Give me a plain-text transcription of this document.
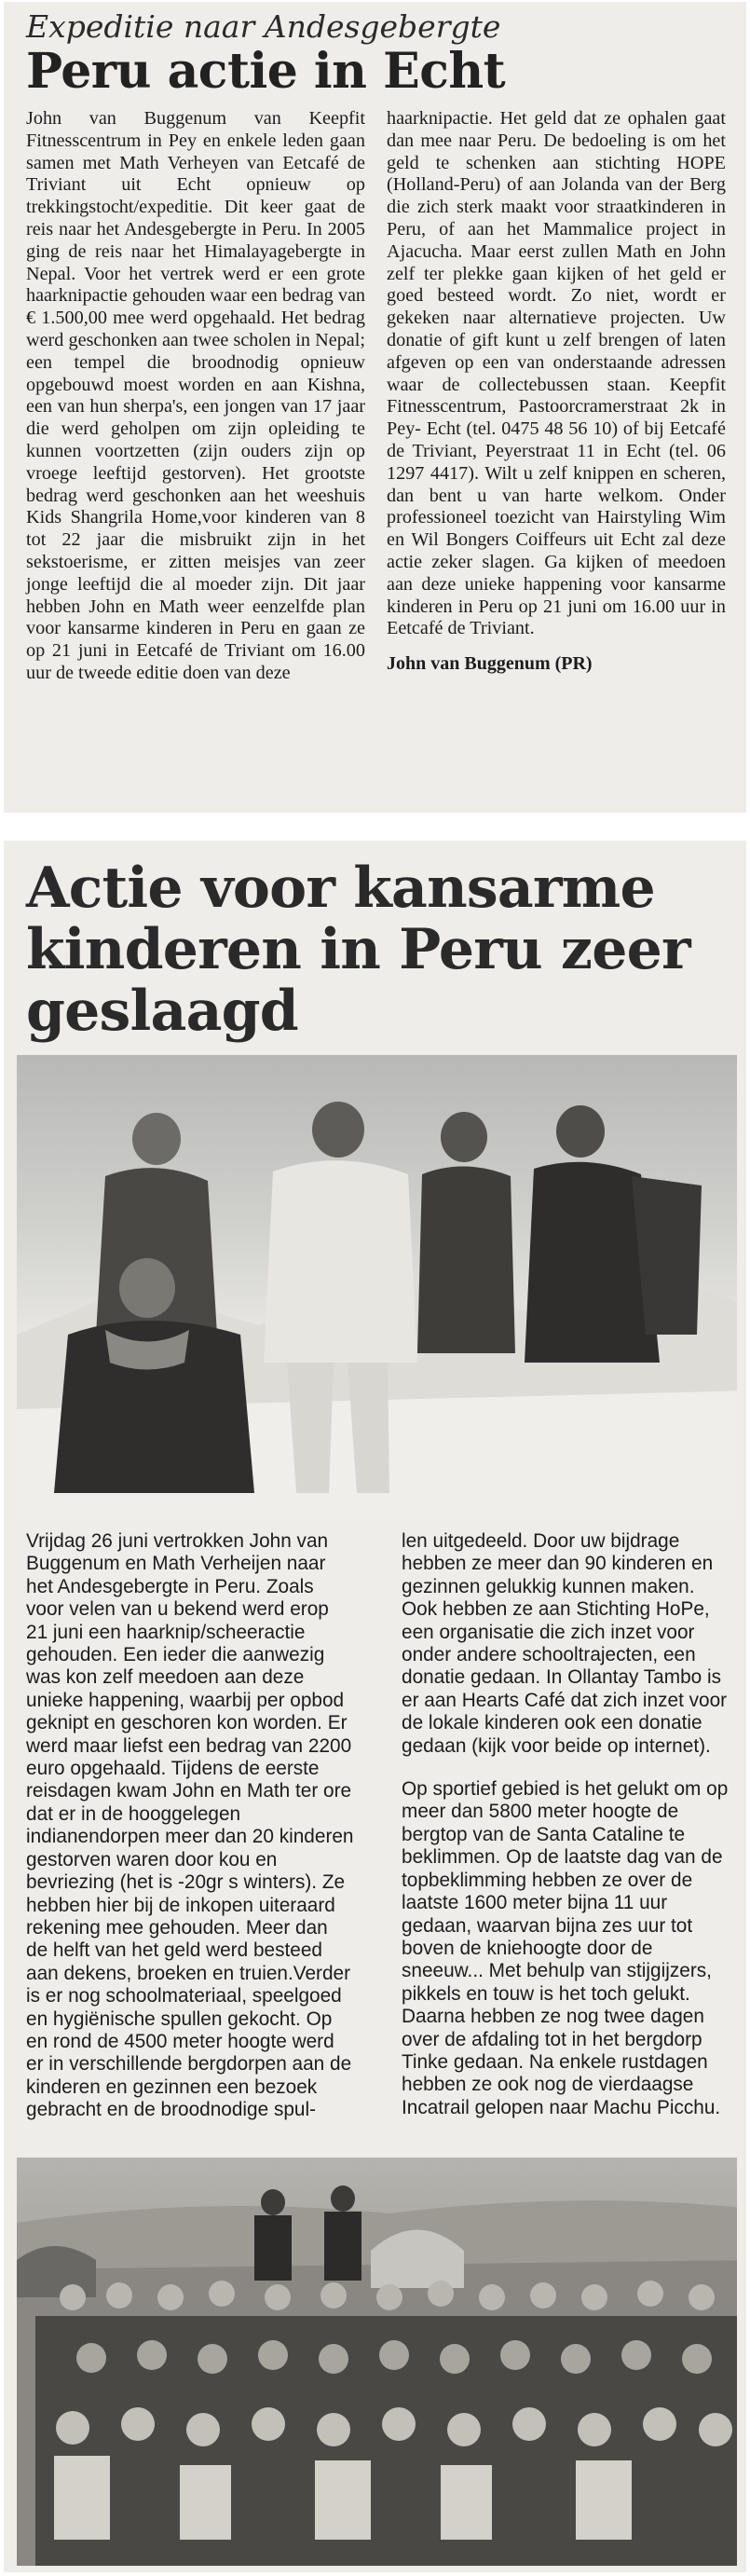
Expeditie naar Andesgebergte
Peru actie in Echt

John van Buggenum van Keepfit Fitnesscentrum in Pey en enkele leden gaan samen met Math Verheyen van Eetcafé de Triviant uit Echt opnieuw op trekkingstocht/expeditie. Dit keer gaat de reis naar het Andesgebergte in Peru. In 2005 ging de reis naar het Himalayagebergte in Nepal. Voor het vertrek werd er een grote haarknipactie gehouden waar een bedrag van € 1.500,00 mee werd opgehaald. Het bedrag werd geschonken aan twee scholen in Nepal; een tempel die broodnodig opnieuw opgebouwd moest worden en aan Kishna, een van hun sherpa's, een jongen van 17 jaar die werd geholpen om zijn opleiding te kunnen voortzetten (zijn ouders zijn op vroege leeftijd gestorven). Het grootste bedrag werd geschonken aan het weeshuis Kids Shangrila Home,voor kinderen van 8 tot 22 jaar die misbruikt zijn in het sekstoerisme, er zitten meisjes van zeer jonge leeftijd die al moeder zijn. Dit jaar hebben John en Math weer eenzelfde plan voor kansarme kinderen in Peru en gaan ze op 21 juni in Eetcafé de Triviant om 16.00 uur de tweede editie doen van deze

haarknipactie. Het geld dat ze ophalen gaat dan mee naar Peru. De bedoeling is om het geld te schenken aan stichting HOPE (Holland-Peru) of aan Jolanda van der Berg die zich sterk maakt voor straatkinderen in Peru, of aan het Mammalice project in Ajacucha. Maar eerst zullen Math en John zelf ter plekke gaan kijken of het geld er goed besteed wordt. Zo niet, wordt er gekeken naar alternatieve projecten. Uw donatie of gift kunt u zelf brengen of laten afgeven op een van onderstaande adressen waar de collectebussen staan. Keepfit Fitnesscentrum, Pastoorcramerstraat 2k in Pey- Echt (tel. 0475 48 56 10) of bij Eetcafé de Triviant, Peyerstraat 11 in Echt (tel. 06 1297 4417). Wilt u zelf knippen en scheren, dan bent u van harte welkom. Onder professioneel toezicht van Hairstyling Wim en Wil Bongers Coiffeurs uit Echt zal deze actie zeker slagen. Ga kijken of meedoen aan deze unieke happening voor kansarme kinderen in Peru op 21 juni om 16.00 uur in Eetcafé de Triviant.

John van Buggenum (PR)
Actie voor kansarme kinderen in Peru zeer geslaagd

Vrijdag 26 juni vertrokken John van Buggenum en Math Verheijen naar het Andesgebergte in Peru. Zoals voor velen van u bekend werd erop 21 juni een haarknip/scheeractie gehouden. Een ieder die aanwezig was kon zelf meedoen aan deze unieke happening, waarbij per opbod geknipt en geschoren kon worden. Er werd maar liefst een bedrag van 2200 euro opgehaald. Tijdens de eerste reisdagen kwam John en Math ter ore dat er in de hooggelegen indianendorpen meer dan 20 kinderen gestorven waren door kou en bevriezing (het is -20gr s winters). Ze hebben hier bij de inkopen uiteraard rekening mee gehouden. Meer dan de helft van het geld werd besteed aan dekens, broeken en truien.Verder is er nog schoolmateriaal, speelgoed en hygiënische spullen gekocht. Op en rond de 4500 meter hoogte werd er in verschillende bergdorpen aan de kinderen en gezinnen een bezoek gebracht en de broodnodige spul-

len uitgedeeld. Door uw bijdrage hebben ze meer dan 90 kinderen en gezinnen gelukkig kunnen maken. Ook hebben ze aan Stichting HoPe, een organisatie die zich inzet voor onder andere schooltrajecten, een donatie gedaan. In Ollantay Tambo is er aan Hearts Café dat zich inzet voor de lokale kinderen ook een donatie gedaan (kijk voor beide op internet).

Op sportief gebied is het gelukt om op meer dan 5800 meter hoogte de bergtop van de Santa Cataline te beklimmen. Op de laatste dag van de topbeklimming hebben ze over de laatste 1600 meter bijna 11 uur gedaan, waarvan bijna zes uur tot boven de kniehoogte door de sneeuw... Met behulp van stijgijzers, pikkels en touw is het toch gelukt. Daarna hebben ze nog twee dagen over de afdaling tot in het bergdorp Tinke gedaan. Na enkele rustdagen hebben ze ook nog de vierdaagse Incatrail gelopen naar Machu Picchu.
